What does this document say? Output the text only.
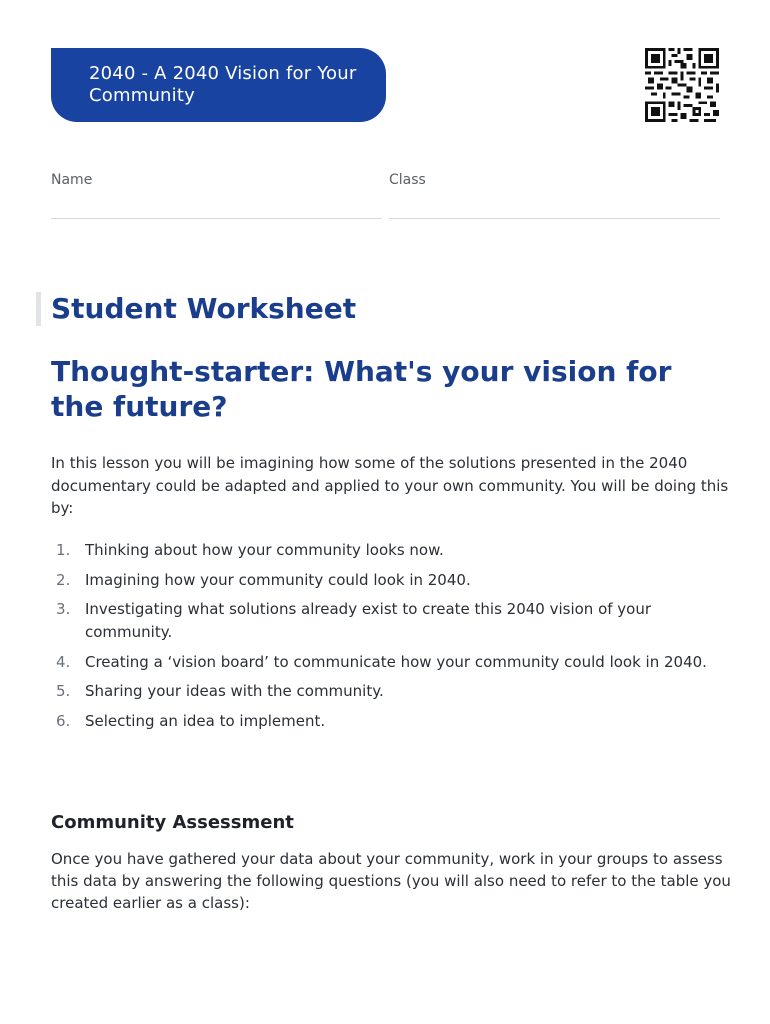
2040 - A 2040 Vision for Your Community
Name	Class
Student Worksheet
Thought-starter: What's your vision for the future?

In this lesson you will be imagining how some of the solutions presented in the 2040 documentary could be adapted and applied to your own community. You will be doing this by:

1. Thinking about how your community looks now.
2. Imagining how your community could look in 2040.
3. Investigating what solutions already exist to create this 2040 vision of your community.
4. Creating a ‘vision board’ to communicate how your community could look in 2040.
5. Sharing your ideas with the community.
6. Selecting an idea to implement.
Community Assessment

Once you have gathered your data about your community, work in your groups to assess this data by answering the following questions (you will also need to refer to the table you created earlier as a class):
